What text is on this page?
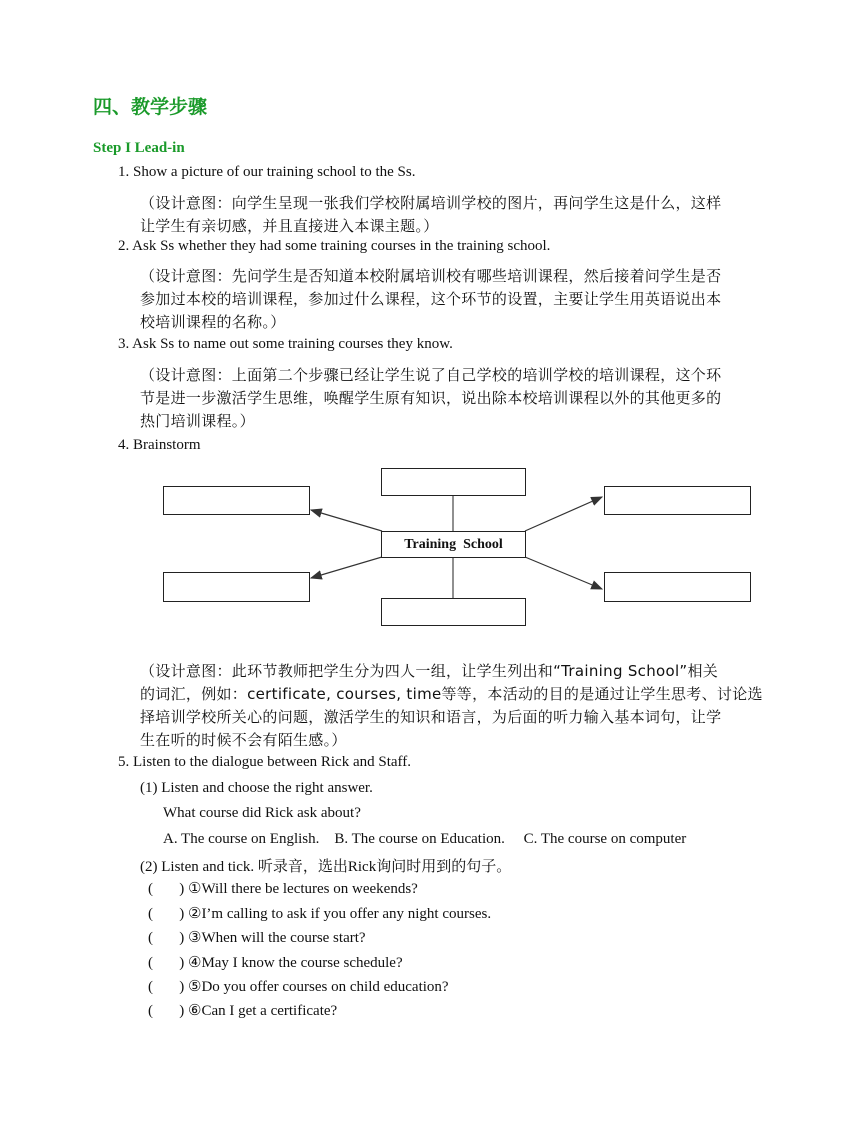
四、教学步骤
Step I Lead-in
1. Show a picture of our training school to the Ss.
（设计意图：向学生呈现一张我们学校附属培训学校的图片，再问学生这是什么，这样
让学生有亲切感，并且直接进入本课主题。）
2. Ask Ss whether they had some training courses in the training school.
（设计意图：先问学生是否知道本校附属培训校有哪些培训课程，然后接着问学生是否
参加过本校的培训课程，参加过什么课程，这个环节的设置，主要让学生用英语说出本
校培训课程的名称。）
3. Ask Ss to name out some training courses they know.
（设计意图：上面第二个步骤已经让学生说了自己学校的培训学校的培训课程，这个环
节是进一步激活学生思维，唤醒学生原有知识，说出除本校培训课程以外的其他更多的
热门培训课程。）
4. Brainstorm
Training  School
（设计意图：此环节教师把学生分为四人一组，让学生列出和“Training School”相关
的词汇，例如：certificate, courses, time等等，本活动的目的是通过让学生思考、讨论选
择培训学校所关心的问题，激活学生的知识和语言，为后面的听力输入基本词句，让学
生在听的时候不会有陌生感。）
5. Listen to the dialogue between Rick and Staff.
(1) Listen and choose the right answer.
What course did Rick ask about?
A. The course on English.    B. The course on Education.     C. The course on computer
(2) Listen and tick. 听录音，选出Rick询问时用到的句子。
(       ) ①Will there be lectures on weekends?
(       ) ②I’m calling to ask if you offer any night courses.
(       ) ③When will the course start?
(       ) ④May I know the course schedule?
(       ) ⑤Do you offer courses on child education?
(       ) ⑥Can I get a certificate?
